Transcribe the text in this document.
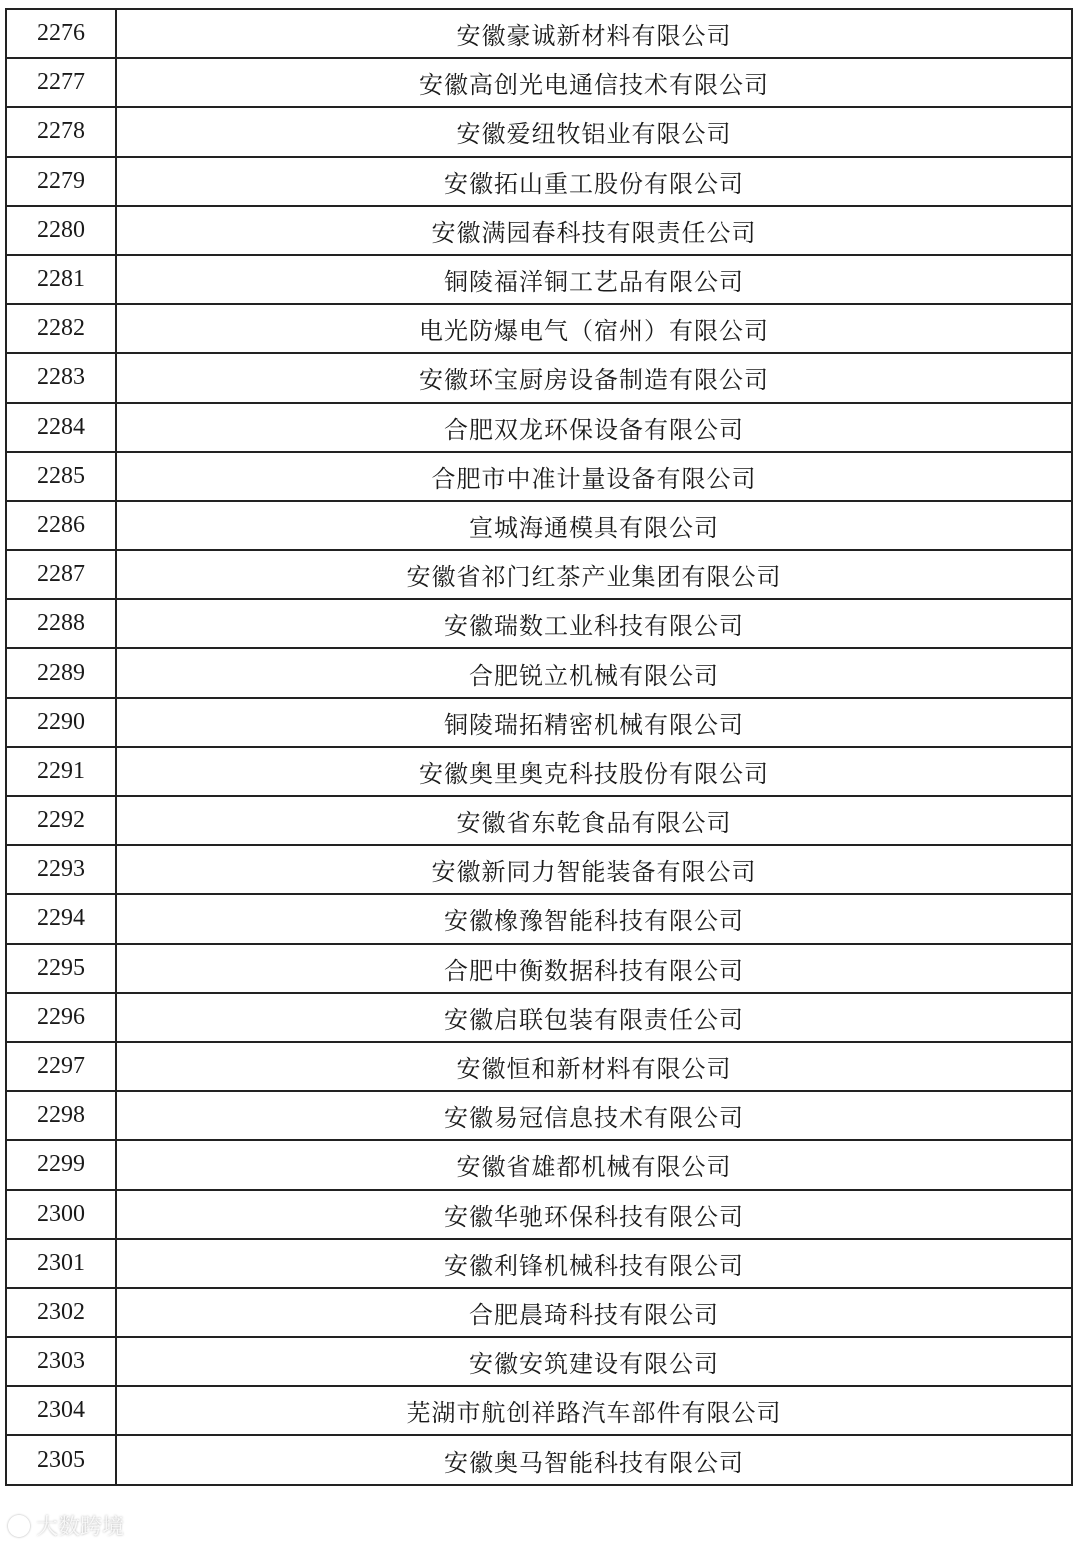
2276	安徽豪诚新材料有限公司
2277	安徽高创光电通信技术有限公司
2278	安徽爱纽牧铝业有限公司
2279	安徽拓山重工股份有限公司
2280	安徽满园春科技有限责任公司
2281	铜陵福洋铜工艺品有限公司
2282	电光防爆电气（宿州）有限公司
2283	安徽环宝厨房设备制造有限公司
2284	合肥双龙环保设备有限公司
2285	合肥市中准计量设备有限公司
2286	宣城海通模具有限公司
2287	安徽省祁门红茶产业集团有限公司
2288	安徽瑞数工业科技有限公司
2289	合肥锐立机械有限公司
2290	铜陵瑞拓精密机械有限公司
2291	安徽奥里奥克科技股份有限公司
2292	安徽省东乾食品有限公司
2293	安徽新同力智能装备有限公司
2294	安徽橡豫智能科技有限公司
2295	合肥中衡数据科技有限公司
2296	安徽启联包装有限责任公司
2297	安徽恒和新材料有限公司
2298	安徽易冠信息技术有限公司
2299	安徽省雄都机械有限公司
2300	安徽华驰环保科技有限公司
2301	安徽利锋机械科技有限公司
2302	合肥晨琦科技有限公司
2303	安徽安筑建设有限公司
2304	芜湖市航创祥路汽车部件有限公司
2305	安徽奥马智能科技有限公司
大数跨境
